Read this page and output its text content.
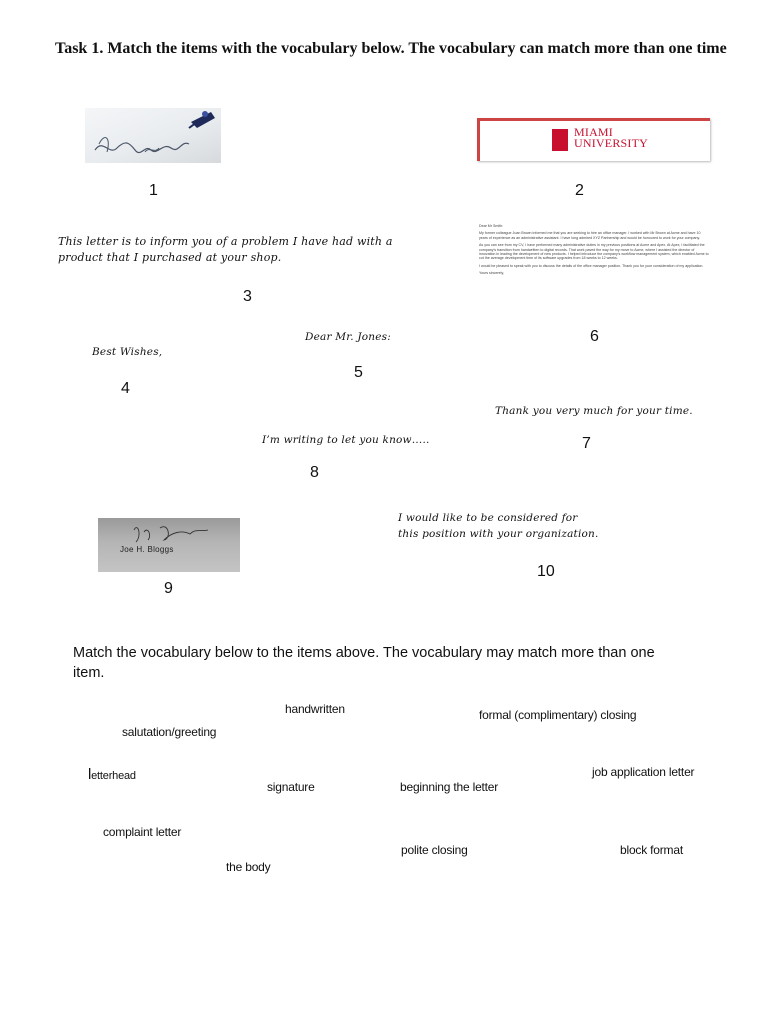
Task 1. Match the items with the vocabulary below. The vocabulary can match more than one time
1
MIAMI
UNIVERSITY
2
This letter is to inform you of a problem I have had with a
product that I purchased at your shop.
3

Dear Mr Smith:

My former colleague Juan Brown informed me that you are seeking to hire an office manager. I worked with Mr Brown at Acme and have 10 years of experience as an administrative assistant. I have long admired XYZ Partnership and would be honoured to work for your company.

As you can see from my CV, I have performed many administrative duties in my previous positions at Acme and Apex. At Apex, I facilitated the company's transition from handwritten to digital records. That work paved the way for my move to Acme, where I assisted the director of innovation in leading the development of new products. I helped introduce the company's workflow management system, which enabled Acme to cut the average development time of its software upgrades from 18 weeks to 12 weeks.

I would be pleased to speak with you to discuss the details of the office manager position. Thank you for your consideration of my application.

Yours sincerely,

6
Dear Mr. Jones:
5
Best Wishes,
4
Thank you very much for your time.
7
I’m writing to let you know…..
8
I would like to be considered for
this position with your organization.
10
Joe H. Bloggs
9
Match the vocabulary below to the items above. The vocabulary may match more than one item.
handwritten	formal (complimentary) closing
salutation/greeting
letterhead	job application letter
signature	beginning the letter
complaint letter
polite closing	block format
the body
